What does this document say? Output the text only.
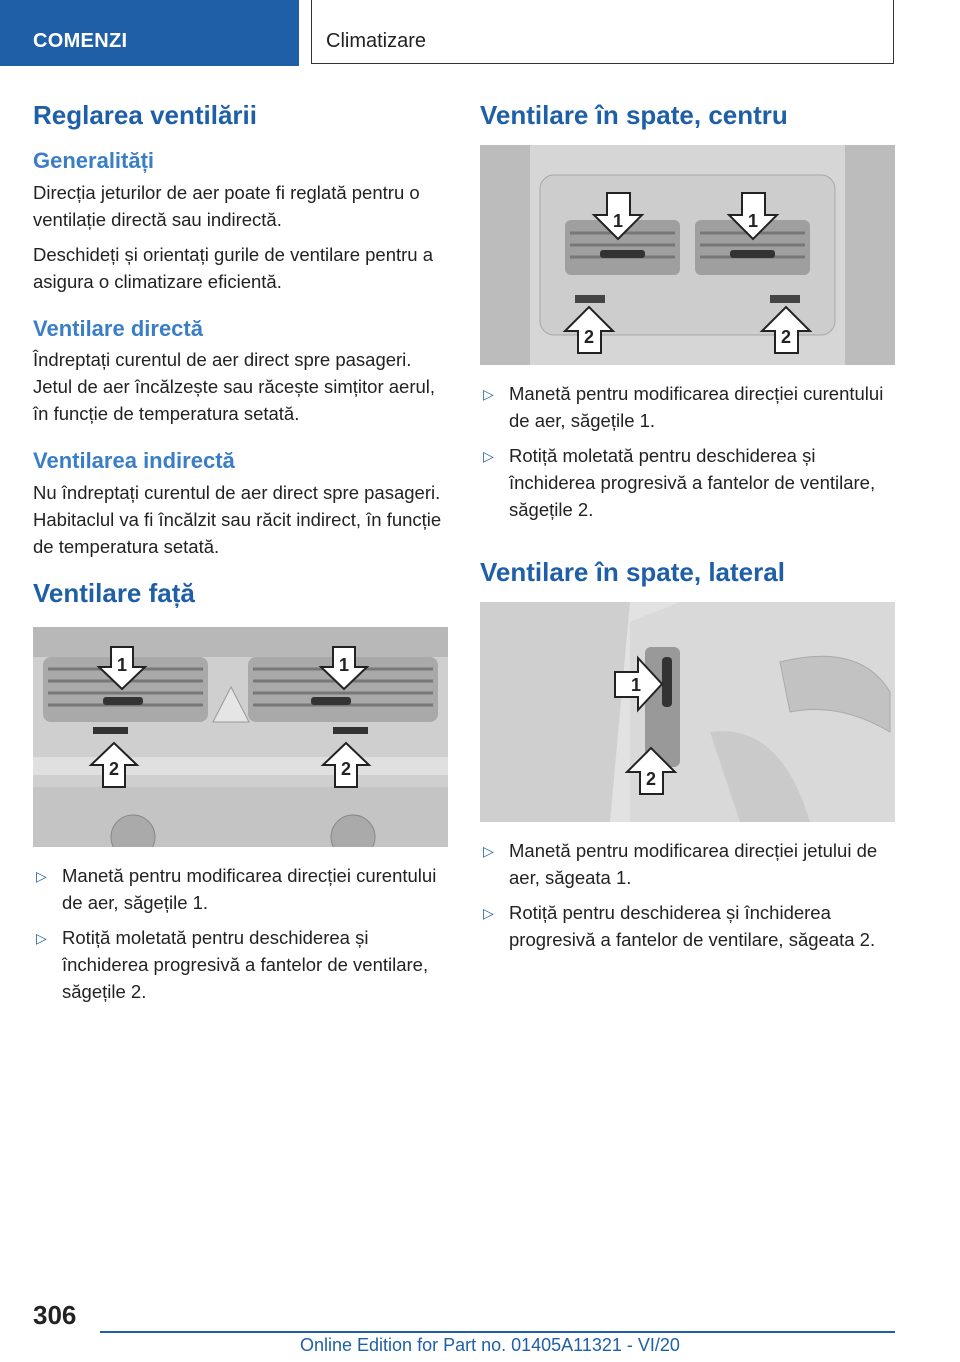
COMENZI	Climatizare
Reglarea ventilării
Generalități

Direcția jeturilor de aer poate fi reglată pentru o ventilație directă sau indirectă.

Deschideți și orientați gurile de ventilare pentru a asigura o climatizare eficientă.

Ventilare directă

Îndreptați curentul de aer direct spre pasageri. Jetul de aer încălzește sau răcește simțitor aerul, în funcție de temperatura setată.

Ventilarea indirectă

Nu îndreptați curentul de aer direct spre pasageri. Habitaclul va fi încălzit sau răcit indirect, în funcție de temperatura setată.

Ventilare față
1	1
2	2
▷ Manetă pentru modificarea direcției curentului de aer, săgețile 1.
▷ Rotiță moletată pentru deschiderea și închiderea progresivă a fantelor de ventilare, săgețile 2.
Ventilare în spate, centru
1	1
2	2
▷ Manetă pentru modificarea direcției curentului de aer, săgețile 1.
▷ Rotiță moletată pentru deschiderea și închiderea progresivă a fantelor de ventilare, săgețile 2.
Ventilare în spate, lateral
1
2
▷ Manetă pentru modificarea direcției jetului de aer, săgeata 1.
▷ Rotiță pentru deschiderea și închiderea progresivă a fantelor de ventilare, săgeata 2.
306
Online Edition for Part no. 01405A11321 - VI/20
